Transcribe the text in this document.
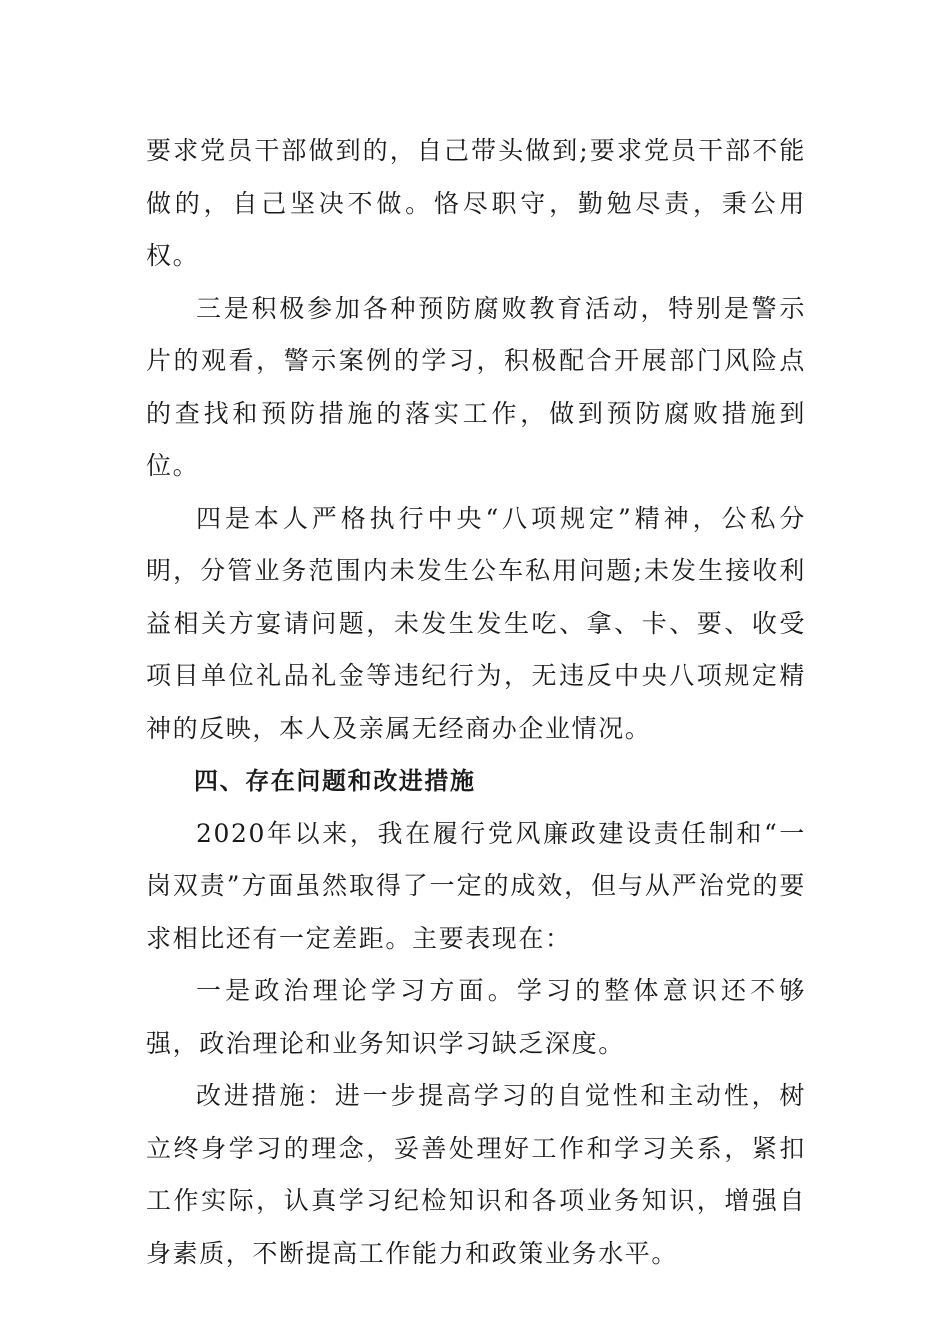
要求党员干部做到的，自己带头做到;要求党员干部不能做的，自己坚决不做。恪尽职守，勤勉尽责，秉公用权。

三是积极参加各种预防腐败教育活动，特别是警示片的观看，警示案例的学习，积极配合开展部门风险点的查找和预防措施的落实工作，做到预防腐败措施到位。

四是本人严格执行中央“八项规定”精神，公私分明，分管业务范围内未发生公车私用问题;未发生接收利益相关方宴请问题，未发生发生吃、拿、卡、要、收受项目单位礼品礼金等违纪行为，无违反中央八项规定精神的反映，本人及亲属无经商办企业情况。

四、存在问题和改进措施

2020年以来，我在履行党风廉政建设责任制和“一岗双责”方面虽然取得了一定的成效，但与从严治党的要求相比还有一定差距。主要表现在：

一是政治理论学习方面。学习的整体意识还不够强，政治理论和业务知识学习缺乏深度。

改进措施：进一步提高学习的自觉性和主动性，树立终身学习的理念，妥善处理好工作和学习关系，紧扣工作实际，认真学习纪检知识和各项业务知识，增强自身素质，不断提高工作能力和政策业务水平。
